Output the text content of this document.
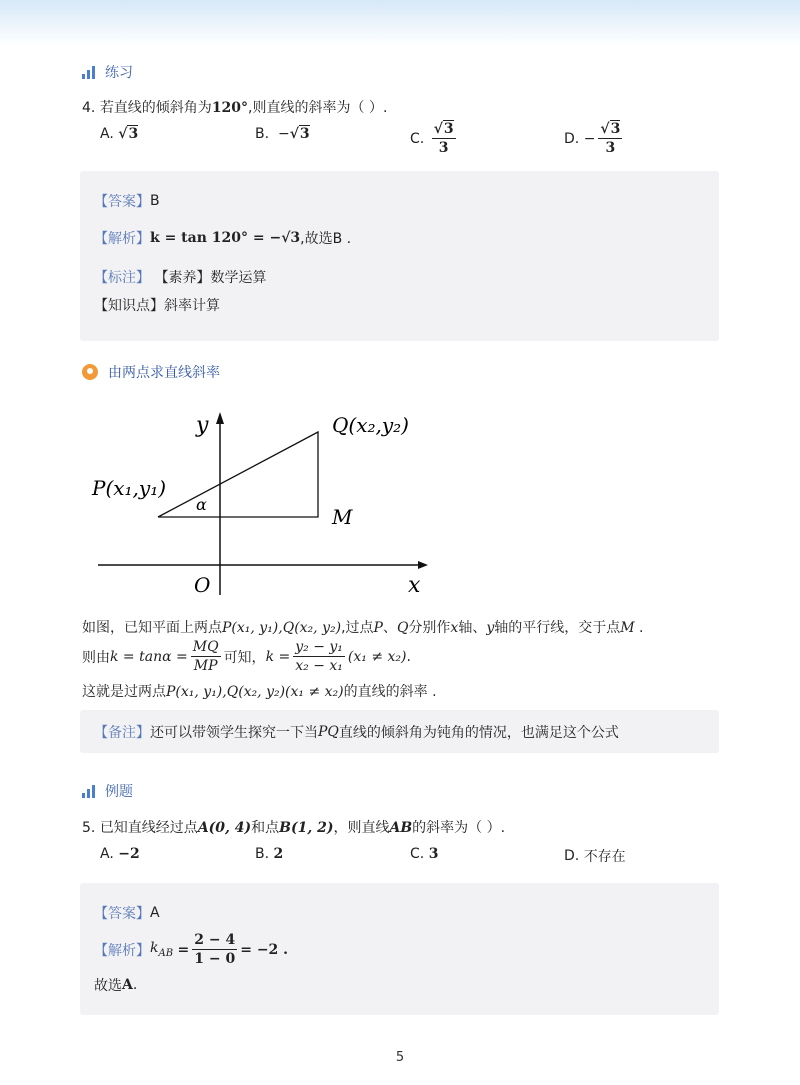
练习
4. 若直线的倾斜角为120°,则直线的斜率为（ ）.
A.
√3	B.
− √3	C.
$\frac{√3}{3}$	D.
− $\frac{√3}{3}$
【答案】 B
【解析】 k = tan 120° = −√3 ,故选B .
【标注】
【素养】数学运算
【知识点】斜率计算
由两点求直线斜率
y
x
O
P(x₁,y₁)
Q(x₂,y₂)
M
α
如图，已知平面上两点P(x₁, y₁),Q(x₂, y₂),过点P、Q分别作x轴、y轴的平行线，交于点M .
则由 $k = \tan\alpha = \frac{MQ}{MP}$ 可知， $k = \frac{\text{y₂ − y₁}}{\text{x₂ − x₁}} (x_1 \ne x_2)$ .
这就是过两点P(x₁, y₁),Q(x₂, y₂)(x₁ ≠ x₂)的直线的斜率 .
【备注】 还可以带领学生探究一下当 PQ 直线的倾斜角为钝角的情况，也满足这个公式
例题
5. 已知直线经过点A(0, 4)和点B(1, 2)，则直线AB的斜率为（ ）.
A.
−2	B.
2	C.
3	D.
不存在
【答案】 A
【解析】 $k_{AB}$
= $\frac{2 - 4}{1 - 0} = -2$ .
故选 A .
5
